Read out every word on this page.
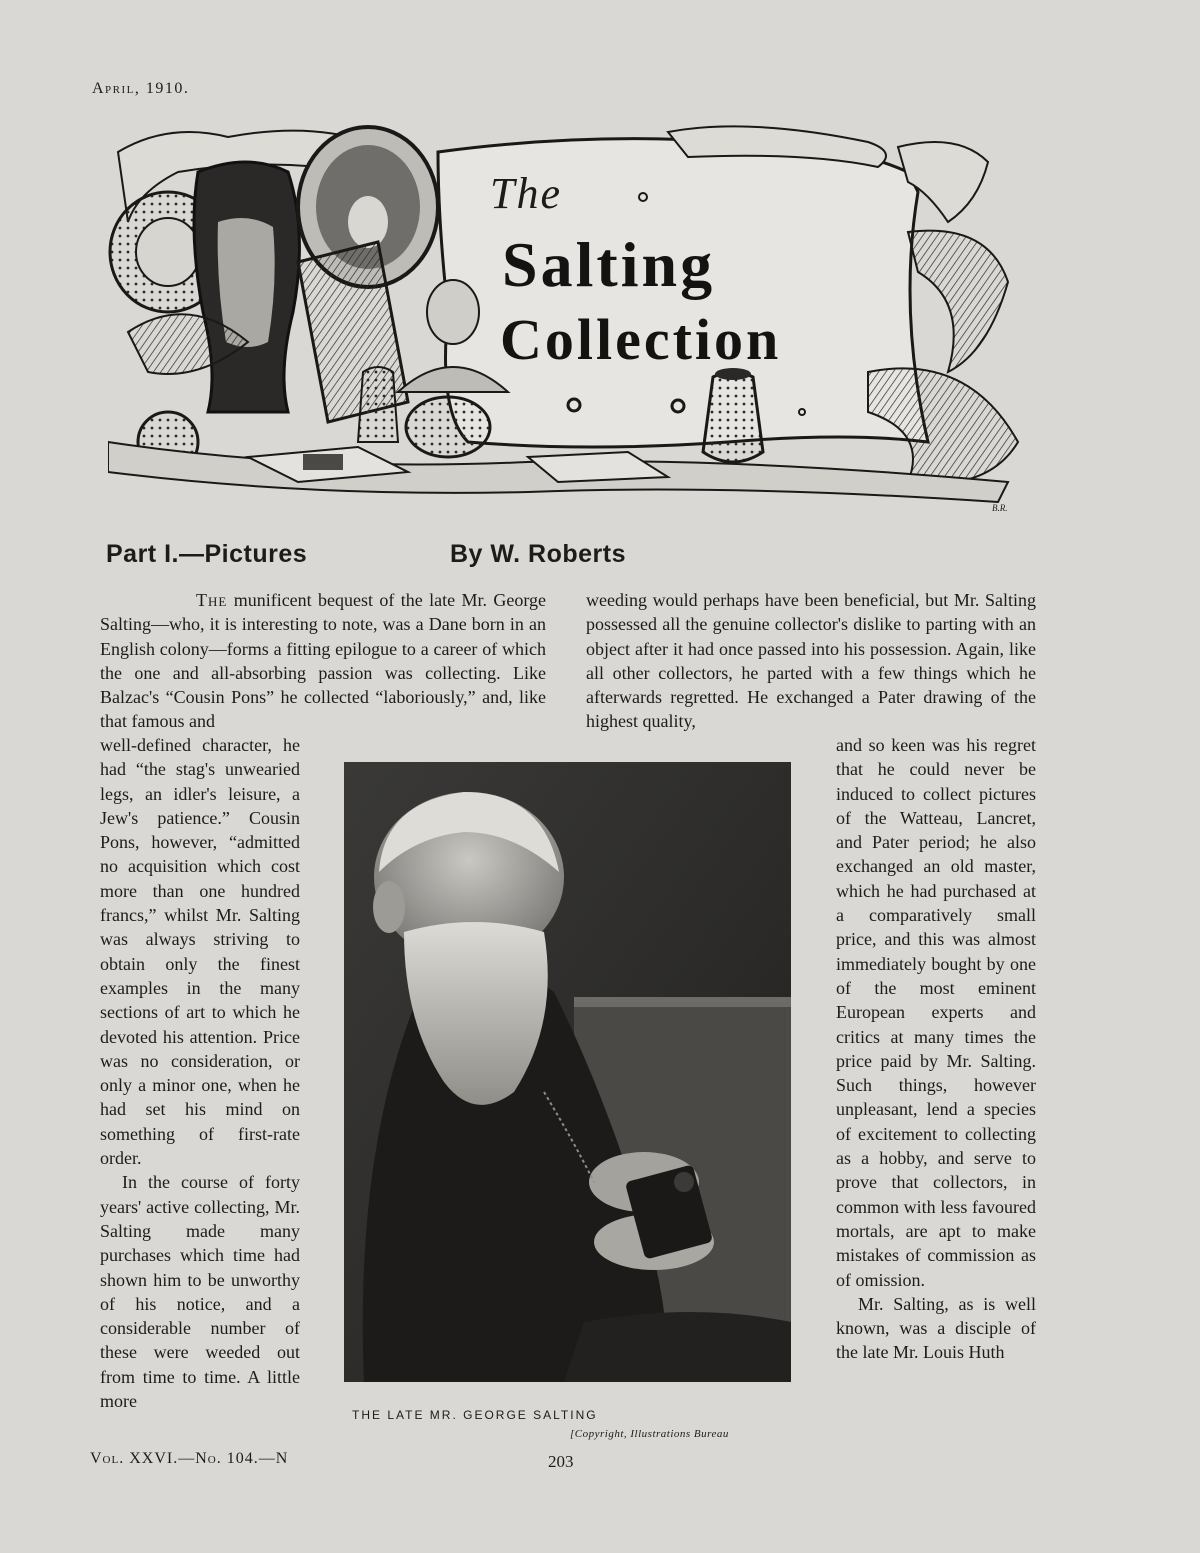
April, 1910.
The
Salting
Collection
B.R.
Part I.—Pictures	By W. Roberts

The munificent bequest of the late Mr. George Salting—who, it is interesting to note, was a Dane born in an English colony—forms a fitting epilogue to a career of which the one and all-absorbing passion was collecting. Like Balzac's “Cousin Pons” he collected “laboriously,” and, like that famous and

well-defined character, he had “the stag's unwearied legs, an idler's leisure, a Jew's patience.” Cousin Pons, however, “admitted no acquisition which cost more than one hundred francs,” whilst Mr. Salting was always striving to obtain only the finest examples in the many sections of art to which he devoted his attention. Price was no consideration, or only a minor one, when he had set his mind on something of first-rate order.

In the course of forty years' active collecting, Mr. Salting made many purchases which time had shown him to be unworthy of his notice, and a considerable number of these were weeded out from time to time. A little more

weeding would perhaps have been beneficial, but Mr. Salting possessed all the genuine collector's dislike to parting with an object after it had once passed into his possession. Again, like all other collectors, he parted with a few things which he afterwards regretted. He exchanged a Pater drawing of the highest quality,

and so keen was his regret that he could never be induced to collect pictures of the Watteau, Lancret, and Pater period; he also exchanged an old master, which he had purchased at a comparatively small price, and this was almost immediately bought by one of the most eminent European experts and critics at many times the price paid by Mr. Salting. Such things, however unpleasant, lend a species of excitement to collecting as a hobby, and serve to prove that collectors, in common with less favoured mortals, are apt to make mistakes of commission as of omission.

Mr. Salting, as is well known, was a disciple of the late Mr. Louis Huth

THE LATE MR. GEORGE SALTING
[Copyright, Illustrations Bureau
Vol. XXVI.—No. 104.—N	203
